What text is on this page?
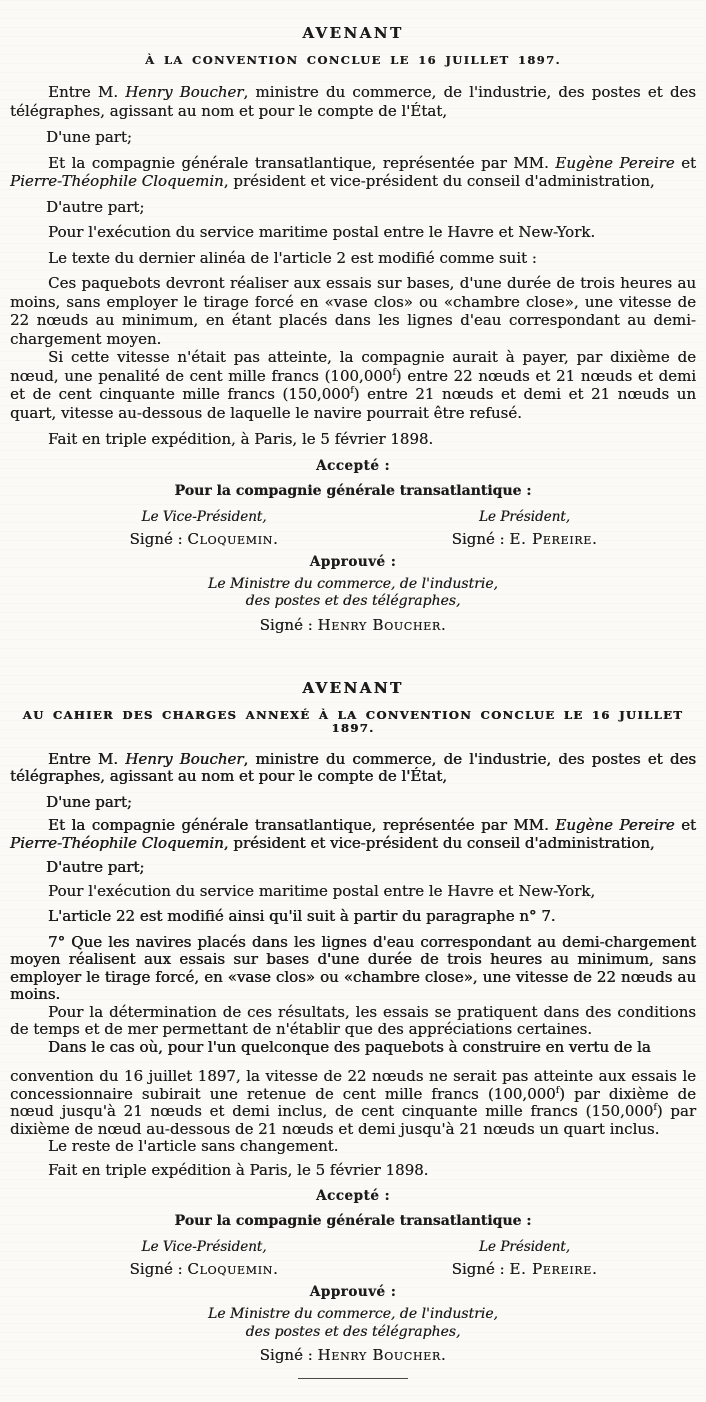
AVENANT
À LA CONVENTION CONCLUE LE 16 JUILLET 1897.

Entre M. Henry Boucher, ministre du commerce, de l'industrie, des postes et des télégraphes, agissant au nom et pour le compte de l'État,

D'une part;

Et la compagnie générale transatlantique, représentée par MM. Eugène Pereire et Pierre-Théophile Cloquemin, président et vice-président du conseil d'administration,

D'autre part;

Pour l'exécution du service maritime postal entre le Havre et New-York.

Le texte du dernier alinéa de l'article 2 est modifié comme suit :

Ces paquebots devront réaliser aux essais sur bases, d'une durée de trois heures au moins, sans employer le tirage forcé en «vase clos» ou «chambre close», une vitesse de 22 nœuds au minimum, en étant placés dans les lignes d'eau correspondant au demi-chargement moyen.

Si cette vitesse n'était pas atteinte, la compagnie aurait à payer, par dixième de nœud, une penalité de cent mille francs (100,000$^f$) entre 22 nœuds et 21 nœuds et demi et de cent cinquante mille francs (150,000$^f$) entre 21 nœuds et demi et 21 nœuds un quart, vitesse au-dessous de laquelle le navire pourrait être refusé.

Fait en triple expédition, à Paris, le 5 février 1898.

Accepté :

Pour la compagnie générale transatlantique :

Le Vice-Président,
Signé : Cloquemin.
Le Président,
Signé : E. Pereire.

Approuvé :

Le Ministre du commerce, de l'industrie,
des postes et des télégraphes,

Signé : Henry Boucher.

AVENANT
AU CAHIER DES CHARGES ANNEXÉ À LA CONVENTION CONCLUE LE 16 JUILLET 1897.

Entre M. Henry Boucher, ministre du commerce, de l'industrie, des postes et des télégraphes, agissant au nom et pour le compte de l'État,

D'une part;

Et la compagnie générale transatlantique, représentée par MM. Eugène Pereire et Pierre-Théophile Cloquemin, président et vice-président du conseil d'administration,

D'autre part;

Pour l'exécution du service maritime postal entre le Havre et New-York,

L'article 22 est modifié ainsi qu'il suit à partir du paragraphe n° 7.

7° Que les navires placés dans les lignes d'eau correspondant au demi-chargement moyen réalisent aux essais sur bases d'une durée de trois heures au minimum, sans employer le tirage forcé, en «vase clos» ou «chambre close», une vitesse de 22 nœuds au moins.

Pour la détermination de ces résultats, les essais se pratiquent dans des conditions de temps et de mer permettant de n'établir que des appréciations certaines.

Dans le cas où, pour l'un quelconque des paquebots à construire en vertu de la

convention du 16 juillet 1897, la vitesse de 22 nœuds ne serait pas atteinte aux essais le concessionnaire subirait une retenue de cent mille francs (100,000$^f$) par dixième de nœud jusqu'à 21 nœuds et demi inclus, de cent cinquante mille francs (150,000$^f$) par dixième de nœud au-dessous de 21 nœuds et demi jusqu'à 21 nœuds un quart inclus.

Le reste de l'article sans changement.

Fait en triple expédition à Paris, le 5 février 1898.

Accepté :

Pour la compagnie générale transatlantique :

Le Vice-Président,
Signé : Cloquemin.
Le Président,
Signé : E. Pereire.

Approuvé :

Le Ministre du commerce, de l'industrie,
des postes et des télégraphes,

Signé : Henry Boucher.
